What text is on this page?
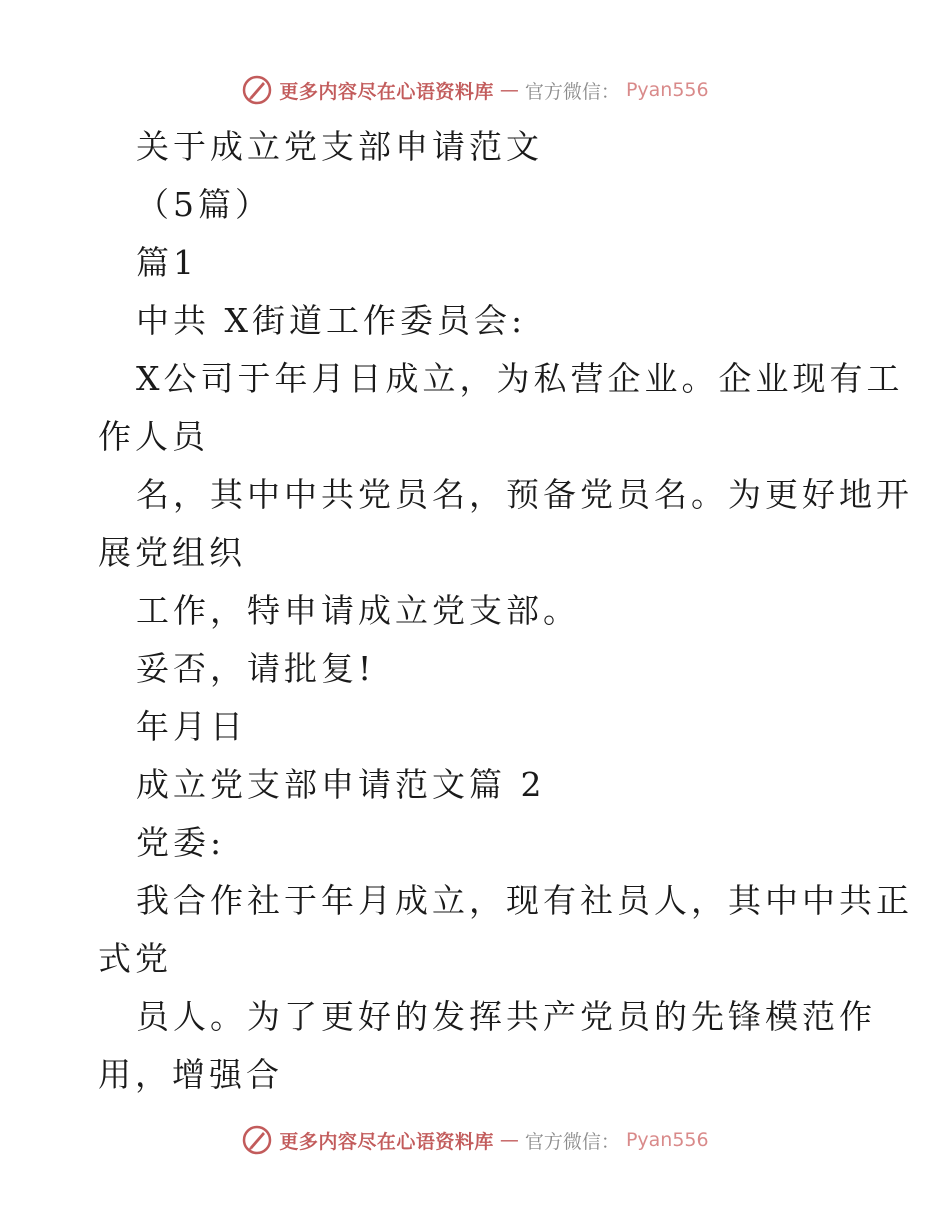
更多内容尽在心语资料库 — 官方微信： Pyan556
关于成立党支部申请范文
（5篇）
篇1
中共 X街道工作委员会:
X公司于年月日成立，为私营企业。企业现有工
作人员
名，其中中共党员名，预备党员名。为更好地开
展党组织
工作，特申请成立党支部。
妥否，请批复!
年月日
成立党支部申请范文篇 2
党委:
我合作社于年月成立，现有社员人，其中中共正
式党
员人。为了更好的发挥共产党员的先锋模范作
用，增强合
更多内容尽在心语资料库 — 官方微信： Pyan556
